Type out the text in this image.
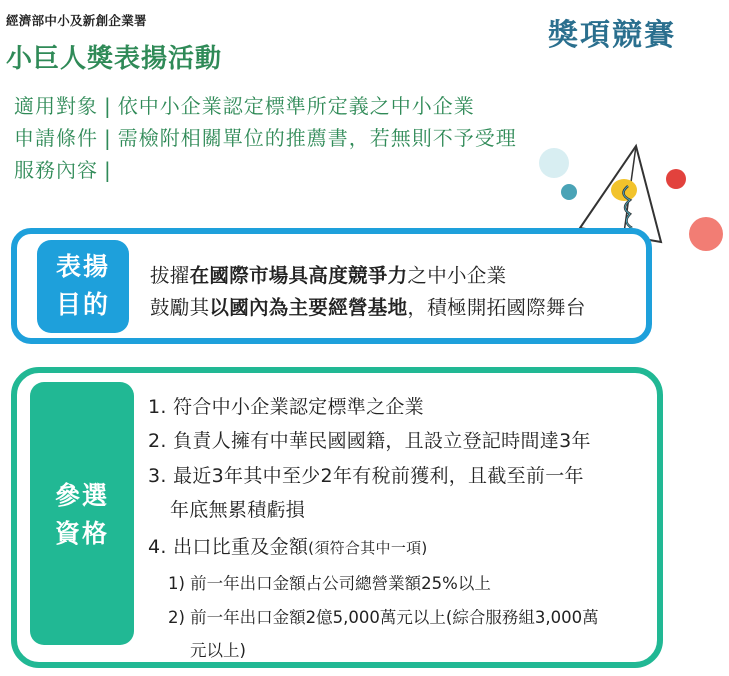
經濟部中小及新創企業署
小巨人獎表揚活動
獎項競賽
適用對象 | 依中小企業認定標準所定義之中小企業
申請條件 | 需檢附相關單位的推薦書，若無則不予受理
服務內容 |
表揚
目的
拔擢在國際市場具高度競爭力之中小企業
鼓勵其以國內為主要經營基地，積極開拓國際舞台
參選
資格
1. 符合中小企業認定標準之企業
2. 負責人擁有中華民國國籍，且設立登記時間達3年
3. 最近3年其中至少2年有稅前獲利，且截至前一年
年底無累積虧損
4. 出口比重及金額(須符合其中一項)
1) 前一年出口金額占公司總營業額25%以上
2) 前一年出口金額2億5,000萬元以上(綜合服務組3,000萬
元以上)
